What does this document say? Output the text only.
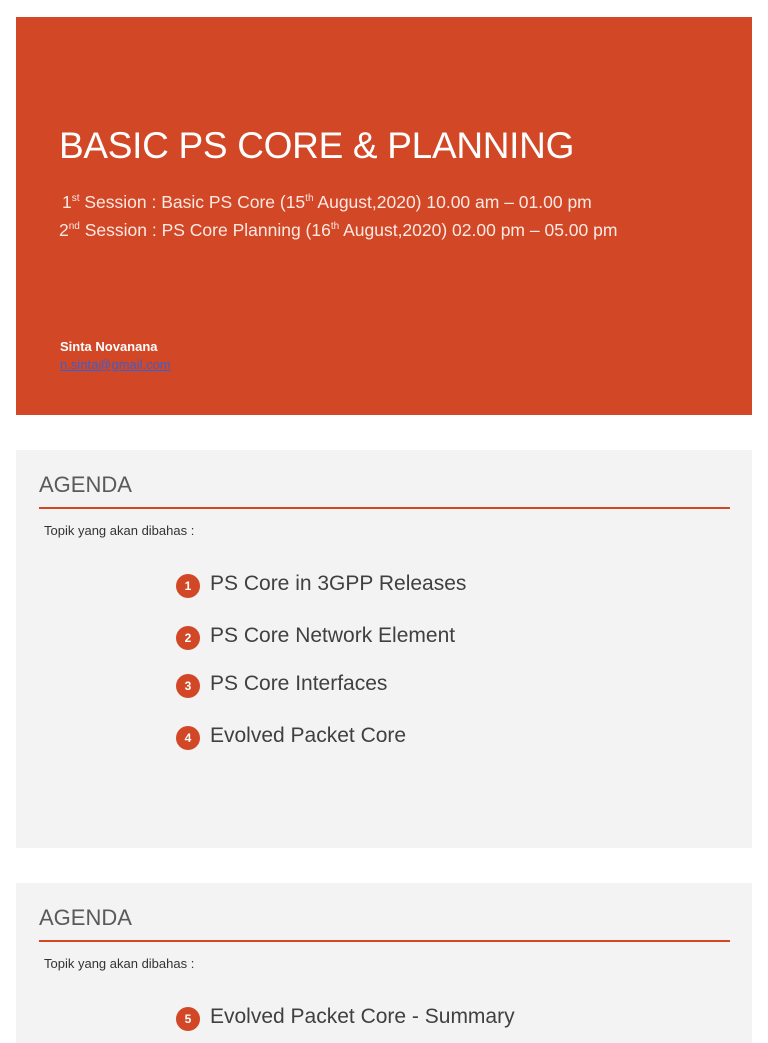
BASIC PS CORE & PLANNING
1st Session : Basic PS Core (15th August,2020) 10.00 am – 01.00 pm
2nd Session : PS Core Planning (16th August,2020) 02.00 pm – 05.00 pm
Sinta Novanana
n.sinta@gmail.com
AGENDA
Topik yang akan dibahas :
1 PS Core in 3GPP Releases
2 PS Core Network Element
3 PS Core Interfaces
4 Evolved Packet Core
AGENDA
Topik yang akan dibahas :
5 Evolved Packet Core - Summary
